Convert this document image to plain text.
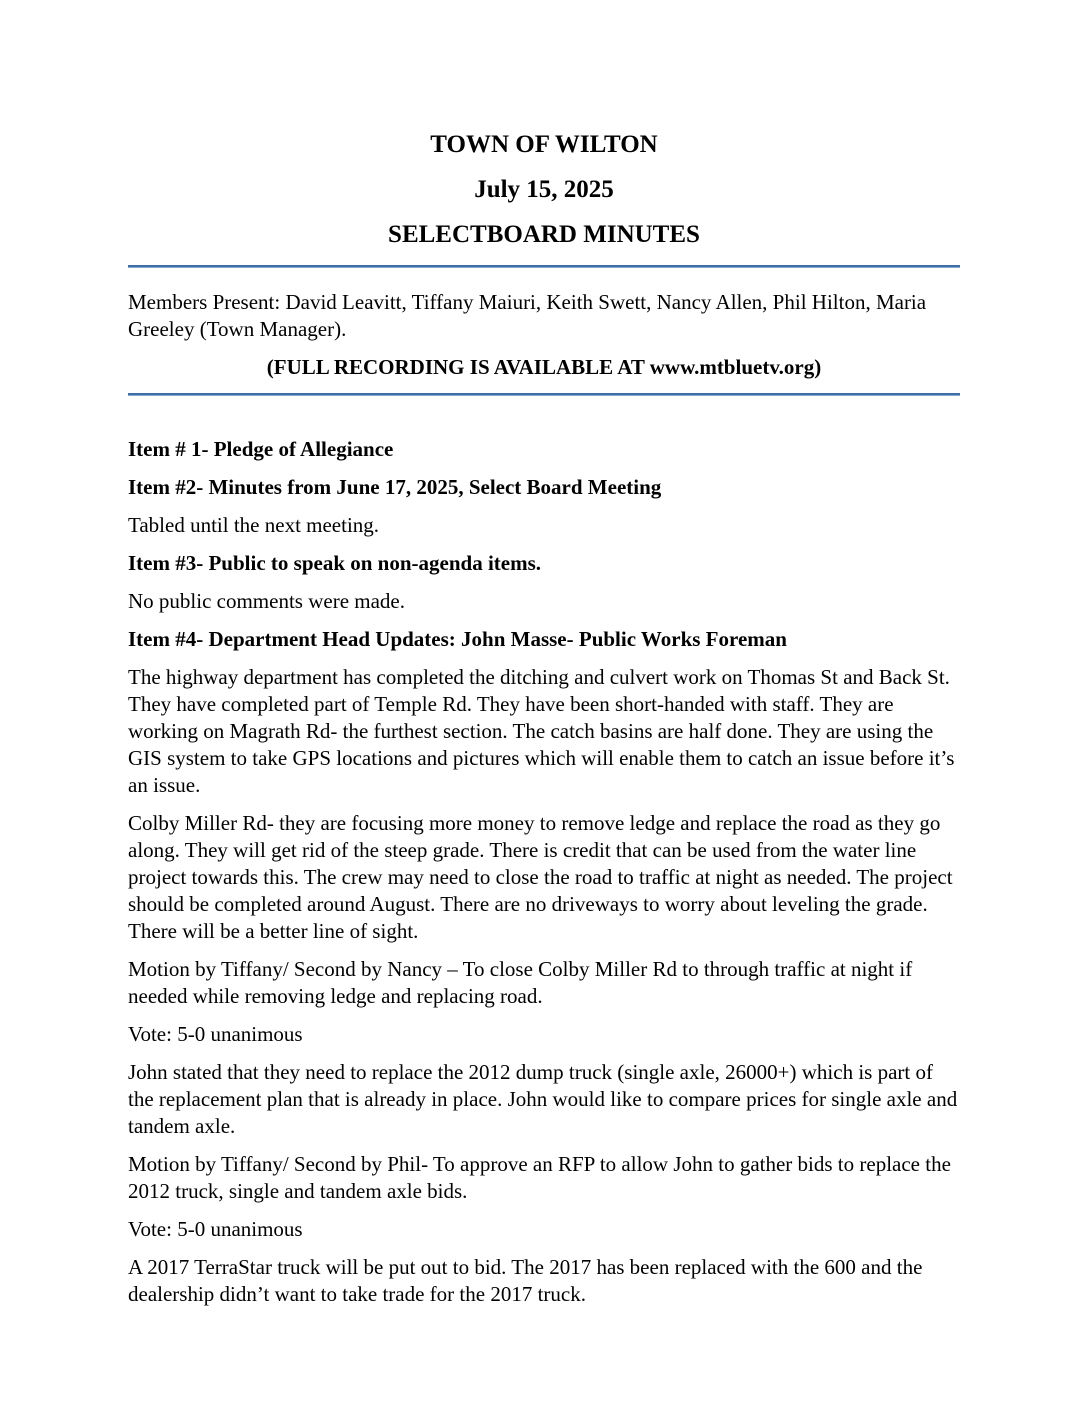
TOWN OF WILTON
July 15, 2025
SELECTBOARD MINUTES

Members Present: David Leavitt, Tiffany Maiuri, Keith Swett, Nancy Allen, Phil Hilton, Maria Greeley (Town Manager).

(FULL RECORDING IS AVAILABLE AT www.mtbluetv.org)

Item # 1- Pledge of Allegiance
Item #2- Minutes from June 17, 2025, Select Board Meeting

Tabled until the next meeting.

Item #3- Public to speak on non-agenda items.

No public comments were made.

Item #4- Department Head Updates: John Masse- Public Works Foreman

The highway department has completed the ditching and culvert work on Thomas St and Back St. They have completed part of Temple Rd. They have been short-handed with staff. They are working on Magrath Rd- the furthest section. The catch basins are half done. They are using the GIS system to take GPS locations and pictures which will enable them to catch an issue before it’s an issue.

Colby Miller Rd- they are focusing more money to remove ledge and replace the road as they go along. They will get rid of the steep grade. There is credit that can be used from the water line project towards this. The crew may need to close the road to traffic at night as needed. The project should be completed around August. There are no driveways to worry about leveling the grade. There will be a better line of sight.

Motion by Tiffany/ Second by Nancy – To close Colby Miller Rd to through traffic at night if needed while removing ledge and replacing road.

Vote: 5-0 unanimous

John stated that they need to replace the 2012 dump truck (single axle, 26000+) which is part of the replacement plan that is already in place. John would like to compare prices for single axle and tandem axle.

Motion by Tiffany/ Second by Phil- To approve an RFP to allow John to gather bids to replace the 2012 truck, single and tandem axle bids.

Vote: 5-0 unanimous

A 2017 TerraStar truck will be put out to bid. The 2017 has been replaced with the 600 and the dealership didn’t want to take trade for the 2017 truck.
